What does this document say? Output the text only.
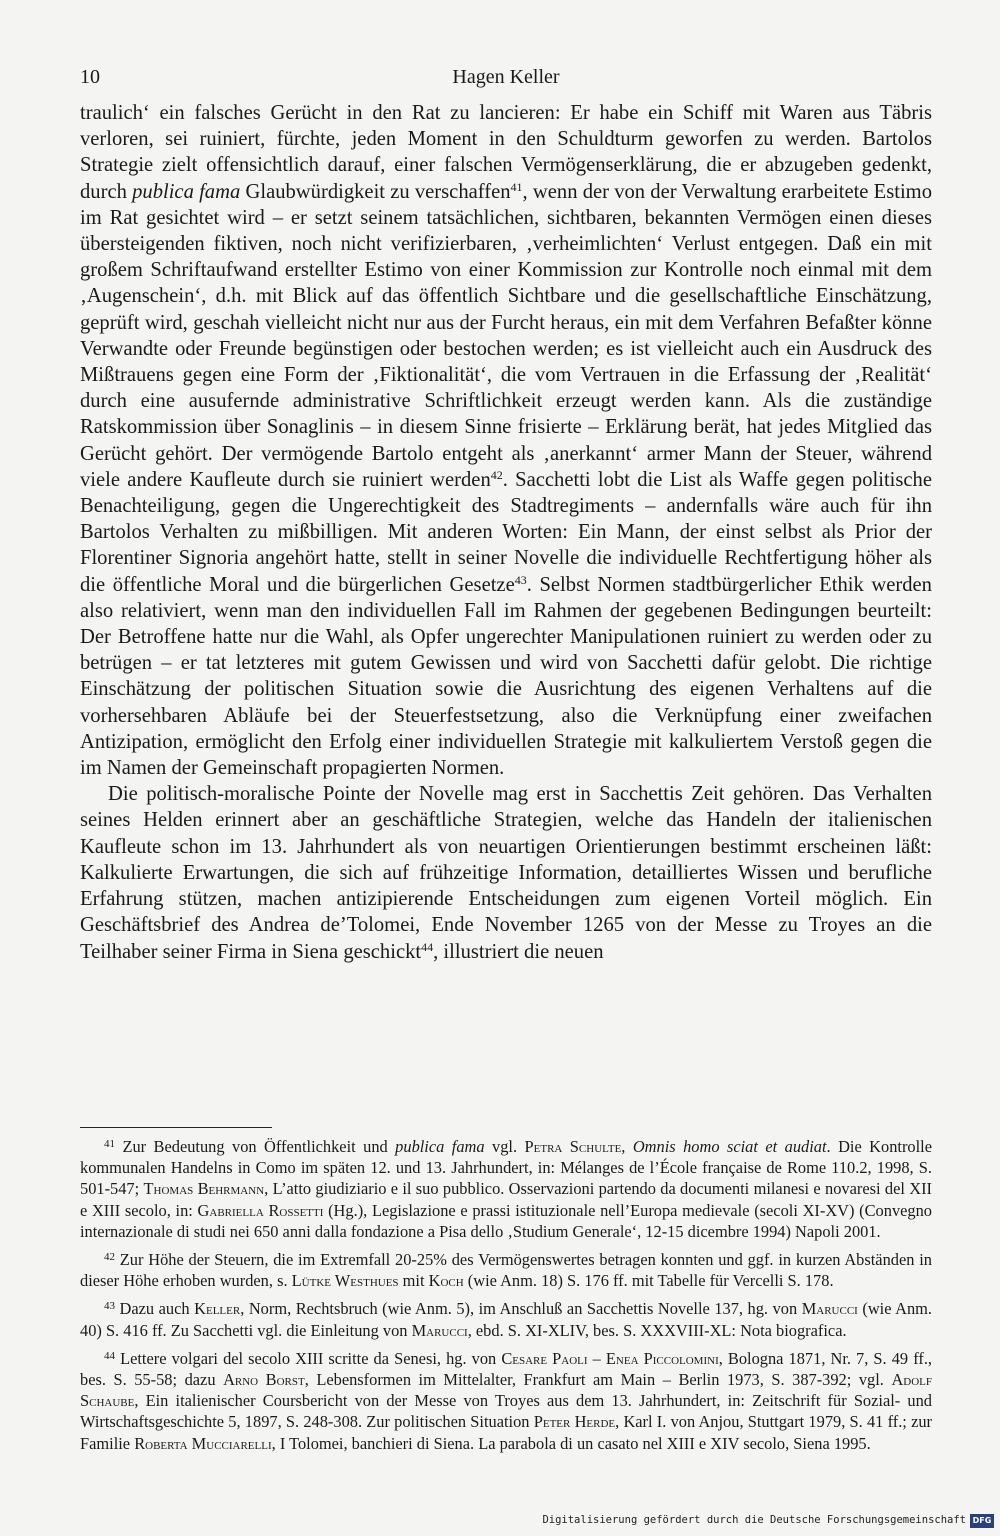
10	Hagen Keller

traulich‘ ein falsches Gerücht in den Rat zu lancieren: Er habe ein Schiff mit Waren aus Täbris verloren, sei ruiniert, fürchte, jeden Moment in den Schuldturm geworfen zu werden. Bartolos Strategie zielt offensichtlich darauf, einer falschen Vermögenserklärung, die er abzugeben gedenkt, durch publica fama Glaubwürdigkeit zu verschaffen$^{41}$, wenn der von der Verwaltung erarbeitete Estimo im Rat gesichtet wird – er setzt seinem tatsächlichen, sichtbaren, bekannten Vermögen einen dieses übersteigenden fiktiven, noch nicht verifizierbaren, ‚verheimlichten‘ Verlust entgegen. Daß ein mit großem Schriftaufwand erstellter Estimo von einer Kommission zur Kontrolle noch einmal mit dem ‚Augenschein‘, d.h. mit Blick auf das öffentlich Sichtbare und die gesellschaftliche Einschätzung, geprüft wird, geschah vielleicht nicht nur aus der Furcht heraus, ein mit dem Verfahren Befaßter könne Verwandte oder Freunde begünstigen oder bestochen werden; es ist vielleicht auch ein Ausdruck des Mißtrauens gegen eine Form der ‚Fiktionalität‘, die vom Vertrauen in die Erfassung der ‚Realität‘ durch eine ausufernde administrative Schriftlichkeit erzeugt werden kann. Als die zuständige Ratskommission über Sonaglinis – in diesem Sinne frisierte – Erklärung berät, hat jedes Mitglied das Gerücht gehört. Der vermögende Bartolo entgeht als ‚anerkannt‘ armer Mann der Steuer, während viele andere Kaufleute durch sie ruiniert werden$^{42}$. Sacchetti lobt die List als Waffe gegen politische Benachteiligung, gegen die Ungerechtigkeit des Stadtregiments – andernfalls wäre auch für ihn Bartolos Verhalten zu mißbilligen. Mit anderen Worten: Ein Mann, der einst selbst als Prior der Florentiner Signoria angehört hatte, stellt in seiner Novelle die individuelle Rechtfertigung höher als die öffentliche Moral und die bürgerlichen Gesetze$^{43}$. Selbst Normen stadtbürgerlicher Ethik werden also relativiert, wenn man den individuellen Fall im Rahmen der gegebenen Bedingungen beurteilt: Der Betroffene hatte nur die Wahl, als Opfer ungerechter Manipulationen ruiniert zu werden oder zu betrügen – er tat letzteres mit gutem Gewissen und wird von Sacchetti dafür gelobt. Die richtige Einschätzung der politischen Situation sowie die Ausrichtung des eigenen Verhaltens auf die vorhersehbaren Abläufe bei der Steuerfestsetzung, also die Verknüpfung einer zweifachen Antizipation, ermöglicht den Erfolg einer individuellen Strategie mit kalkuliertem Verstoß gegen die im Namen der Gemeinschaft propagierten Normen.

Die politisch-moralische Pointe der Novelle mag erst in Sacchettis Zeit gehören. Das Verhalten seines Helden erinnert aber an geschäftliche Strategien, welche das Handeln der italienischen Kaufleute schon im 13. Jahrhundert als von neuartigen Orientierungen bestimmt erscheinen läßt: Kalkulierte Erwartungen, die sich auf frühzeitige Information, detailliertes Wissen und berufliche Erfahrung stützen, machen antizipierende Entscheidungen zum eigenen Vorteil möglich. Ein Geschäftsbrief des Andrea de’Tolomei, Ende November 1265 von der Messe zu Troyes an die Teilhaber seiner Firma in Siena geschickt$^{44}$, illustriert die neuen

$^{41}$ Zur Bedeutung von Öffentlichkeit und publica fama vgl. Petra Schulte, Omnis homo sciat et audiat. Die Kontrolle kommunalen Handelns in Como im späten 12. und 13. Jahrhundert, in: Mélanges de l’École française de Rome 110.2, 1998, S. 501-547; Thomas Behrmann, L’atto giudiziario e il suo pubblico. Osservazioni partendo da documenti milanesi e novaresi del XII e XIII secolo, in: Gabriella Rossetti (Hg.), Legislazione e prassi istituzionale nell’Europa medievale (secoli XI-XV) (Convegno internazionale di studi nei 650 anni dalla fondazione a Pisa dello ‚Studium Generale‘, 12-15 dicembre 1994) Napoli 2001.

$^{42}$ Zur Höhe der Steuern, die im Extremfall 20-25% des Vermögenswertes betragen konnten und ggf. in kurzen Abständen in dieser Höhe erhoben wurden, s. Lütke Westhues mit Koch (wie Anm. 18) S. 176 ff. mit Tabelle für Vercelli S. 178.

$^{43}$ Dazu auch Keller, Norm, Rechtsbruch (wie Anm. 5), im Anschluß an Sacchettis Novelle 137, hg. von Marucci (wie Anm. 40) S. 416 ff. Zu Sacchetti vgl. die Einleitung von Marucci, ebd. S. XI-XLIV, bes. S. XXXVIII-XL: Nota biografica.

$^{44}$ Lettere volgari del secolo XIII scritte da Senesi, hg. von Cesare Paoli – Enea Piccolomini, Bologna 1871, Nr. 7, S. 49 ff., bes. S. 55-58; dazu Arno Borst, Lebensformen im Mittelalter, Frankfurt am Main – Berlin 1973, S. 387-392; vgl. Adolf Schaube, Ein italienischer Coursbericht von der Messe von Troyes aus dem 13. Jahrhundert, in: Zeitschrift für Sozial- und Wirtschaftsgeschichte 5, 1897, S. 248-308. Zur politischen Situation Peter Herde, Karl I. von Anjou, Stuttgart 1979, S. 41 ff.; zur Familie Roberta Mucciarelli, I Tolomei, banchieri di Siena. La parabola di un casato nel XIII e XIV secolo, Siena 1995.

Digitalisierung gefördert durch die Deutsche Forschungsgemeinschaft DFG
